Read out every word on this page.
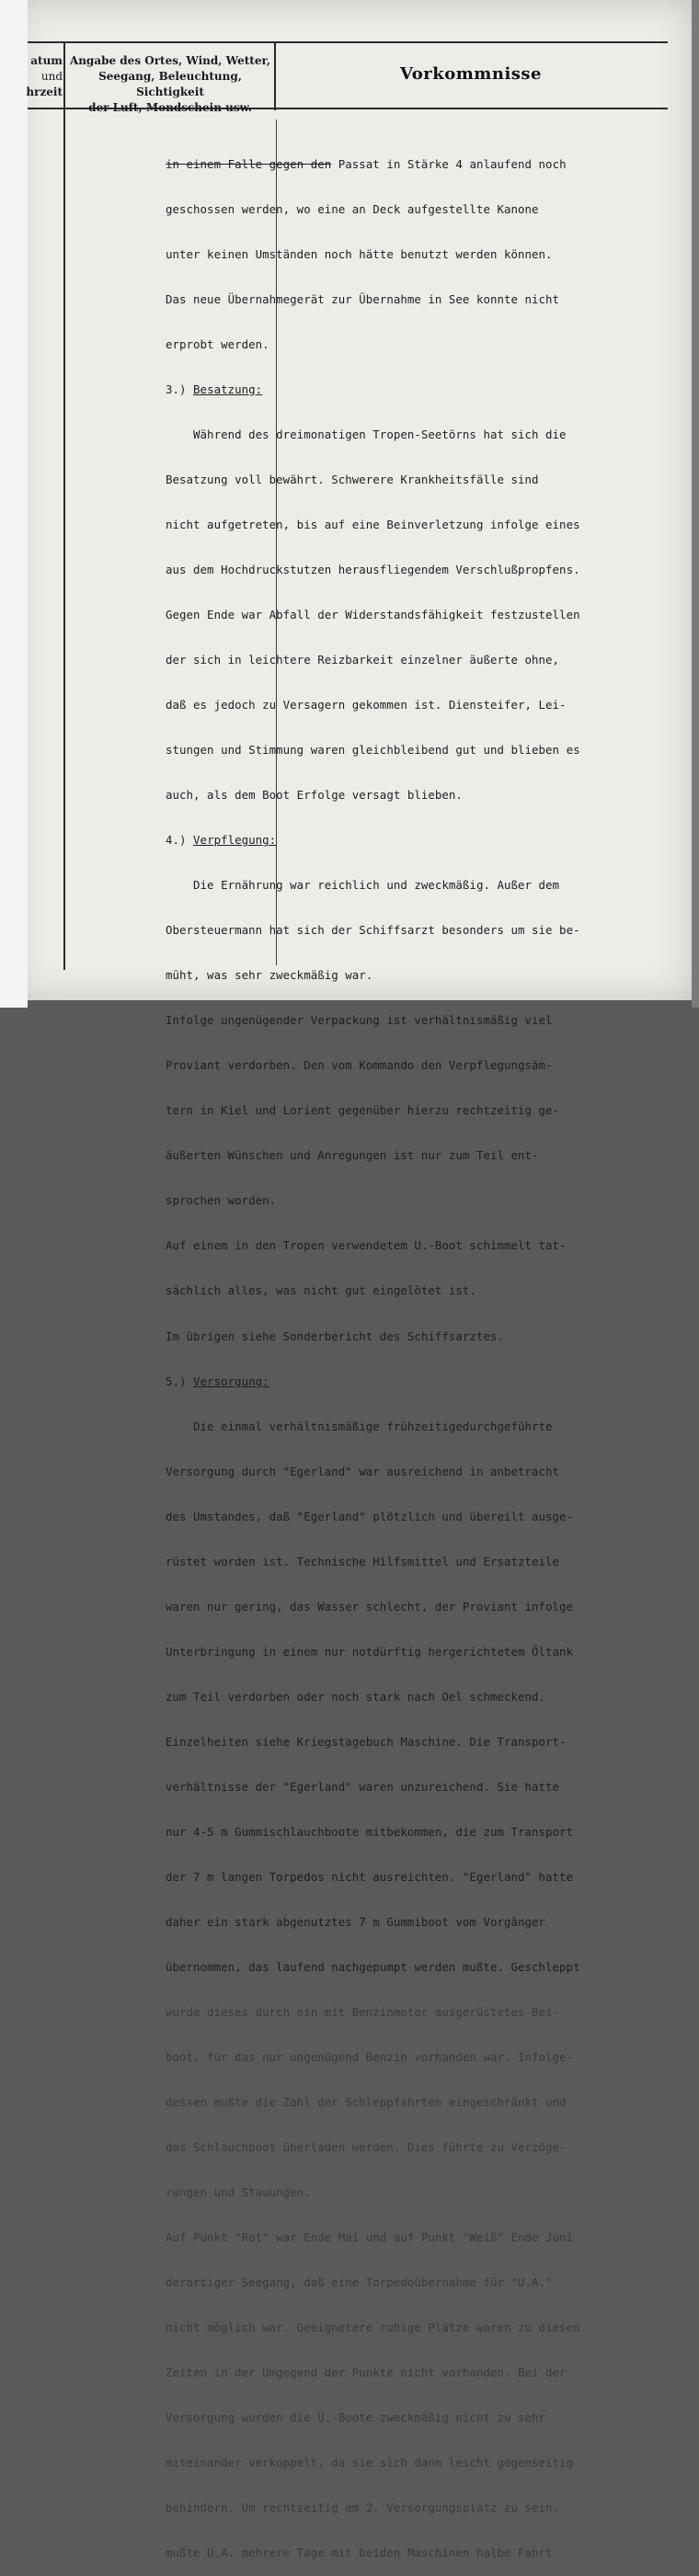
atum
und
hrzeit
Angabe des Ortes, Wind, Wetter,
Seegang, Beleuchtung, Sichtigkeit
der Luft, Mondschein usw.
Vorkommnisse

in einem Falle gegen den Passat in Stärke 4 anlaufend noch

geschossen werden, wo eine an Deck aufgestellte Kanone

unter keinen Umständen noch hätte benutzt werden können.

Das neue Übernahmegerät zur Übernahme in See konnte nicht

erprobt werden.

3.) Besatzung:

Während des dreimonatigen Tropen-Seetörns hat sich die

Besatzung voll bewährt. Schwerere Krankheitsfälle sind

nicht aufgetreten, bis auf eine Beinverletzung infolge eines

aus dem Hochdruckstutzen herausfliegendem Verschlußpropfens.

Gegen Ende war Abfall der Widerstandsfähigkeit festzustellen

der sich in leichtere Reizbarkeit einzelner äußerte ohne,

daß es jedoch zu Versagern gekommen ist. Diensteifer, Lei-

stungen und Stimmung waren gleichbleibend gut und blieben es

auch, als dem Boot Erfolge versagt blieben.

4.) Verpflegung:

Die Ernährung war reichlich und zweckmäßig. Außer dem

Obersteuermann hat sich der Schiffsarzt besonders um sie be-

müht, was sehr zweckmäßig war.

Infolge ungenügender Verpackung ist verhältnismäßig viel

Proviant verdorben. Den vom Kommando den Verpflegungsäm-

tern in Kiel und Lorient gegenüber hierzu rechtzeitig ge-

äußerten Wünschen und Anregungen ist nur zum Teil ent-

sprochen worden.

Auf einem in den Tropen verwendetem U.-Boot schimmelt tat-

sächlich alles, was nicht gut eingelötet ist.

Im übrigen siehe Sonderbericht des Schiffsarztes.

5.) Versorgung:

Die einmal verhältnismäßige frühzeitigedurchgeführte

Versorgung durch "Egerland" war ausreichend in anbetracht

des Umstandes, daß "Egerland" plötzlich und übereilt ausge-

rüstet worden ist. Technische Hilfsmittel und Ersatzteile

waren nur gering, das Wasser schlecht, der Proviant infolge

Unterbringung in einem nur notdürftig hergerichtetem Öltank

zum Teil verdorben oder noch stark nach Oel schmeckend.

Einzelheiten siehe Kriegstagebuch Maschine. Die Transport-

verhältnisse der "Egerland" waren unzureichend. Sie hatte

nur 4-5 m Gummischlauchboote mitbekommen, die zum Transport

der 7 m langen Torpedos nicht ausreichten. "Egerland" hatte

daher ein stark abgenutztes 7 m Gummiboot vom Vorgänger

übernommen, das laufend nachgepumpt werden mußte. Geschleppt

wurde dieses durch ein mit Benzinmotor ausgerüstetes Bei-

boot, für das nur ungenügend Benzin vorhanden war. Infolge-

dessen mußte die Zahl der Schleppfahrten eingeschränkt und

das Schlauchboot überladen werden. Dies führte zu Verzöge-

rungen und Stauungen.

Auf Punkt "Rot" war Ende Mai und auf Punkt "Weiß" Ende Juni

derartiger Seegang, daß eine Torpedoübernahme für "U.A."

nicht möglich war. Geeignetere ruhige Plätze waren zu diesen

Zeiten in der Umgegend der Punkte nicht vorhanden. Bei der

Versorgung wurden die U.-Boote zweckmäßig nicht zu sehr

miteinander verkoppelt, da sie sich dann leicht gegenseitig

behindern. Um rechtzeitig am 2. Versorgungsplatz zu sein,

mußte U.A. mehrere Tage mit beiden Maschinen halbe Fahrt
